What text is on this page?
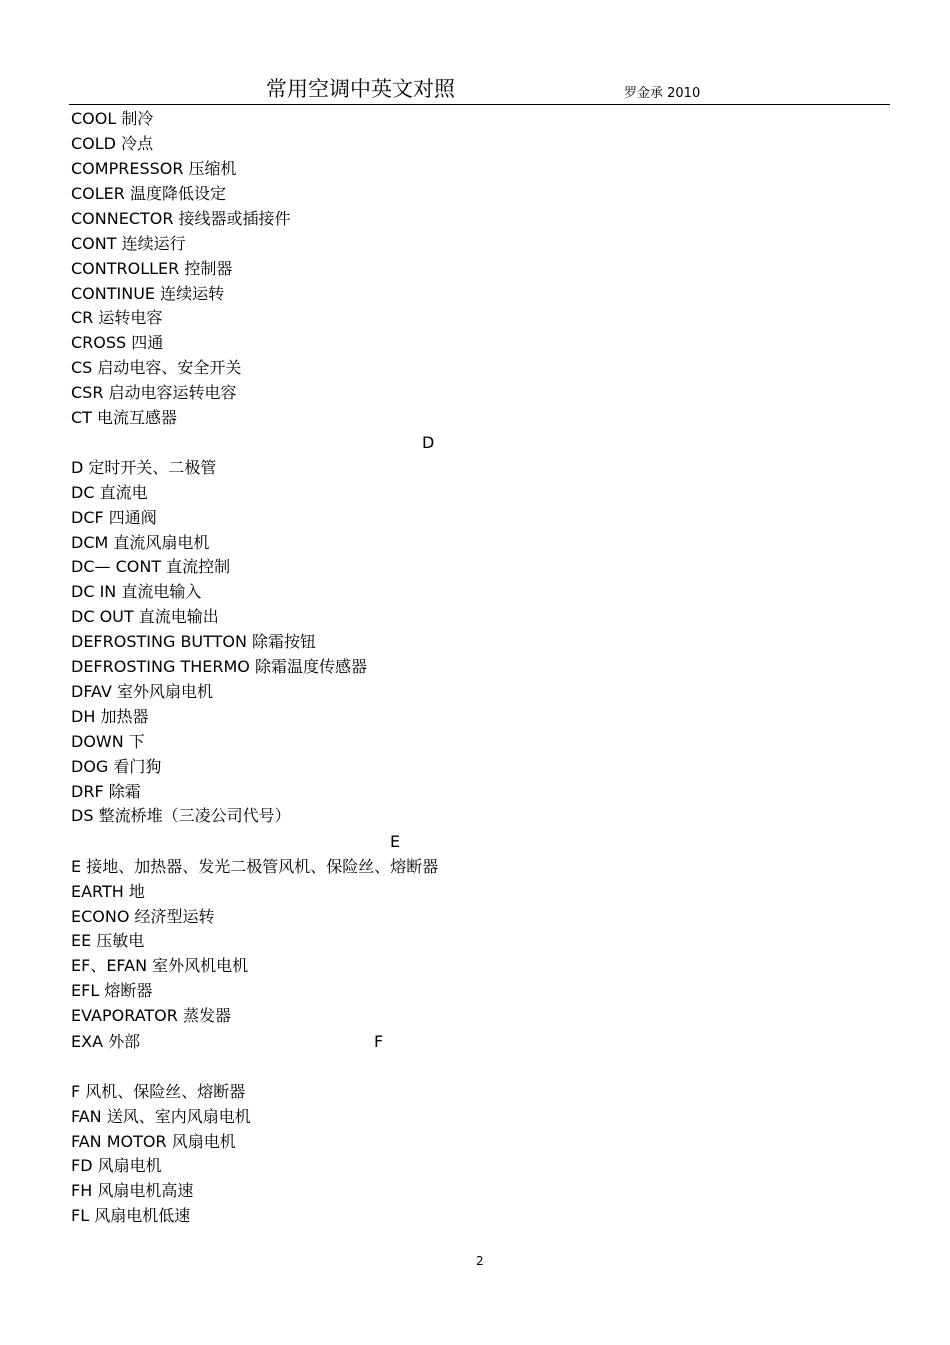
常用空调中英文对照	罗金承 2010
COOL 制冷
COLD 冷点
COMPRESSOR 压缩机
COLER 温度降低设定
CONNECTOR 接线器或插接件
CONT 连续运行
CONTROLLER 控制器
CONTINUE 连续运转
CR 运转电容
CROSS 四通
CS 启动电容、安全开关
CSR 启动电容运转电容
CT 电流互感器
D
D 定时开关、二极管
DC 直流电
DCF 四通阀
DCM 直流风扇电机
DC— CONT 直流控制
DC IN 直流电输入
DC OUT 直流电输出
DEFROSTING BUTTON 除霜按钮
DEFROSTING THERMO 除霜温度传感器
DFAV 室外风扇电机
DH 加热器
DOWN 下
DOG 看门狗
DRF 除霜
DS 整流桥堆（三凌公司代号）
E
E 接地、加热器、发光二极管风机、保险丝、熔断器
EARTH 地
ECONO 经济型运转
EE 压敏电
EF、EFAN 室外风机电机
EFL 熔断器
EVAPORATOR 蒸发器
EXA 外部	F
F 风机、保险丝、熔断器
FAN 送风、室内风扇电机
FAN MOTOR 风扇电机
FD 风扇电机
FH 风扇电机高速
FL 风扇电机低速
2
